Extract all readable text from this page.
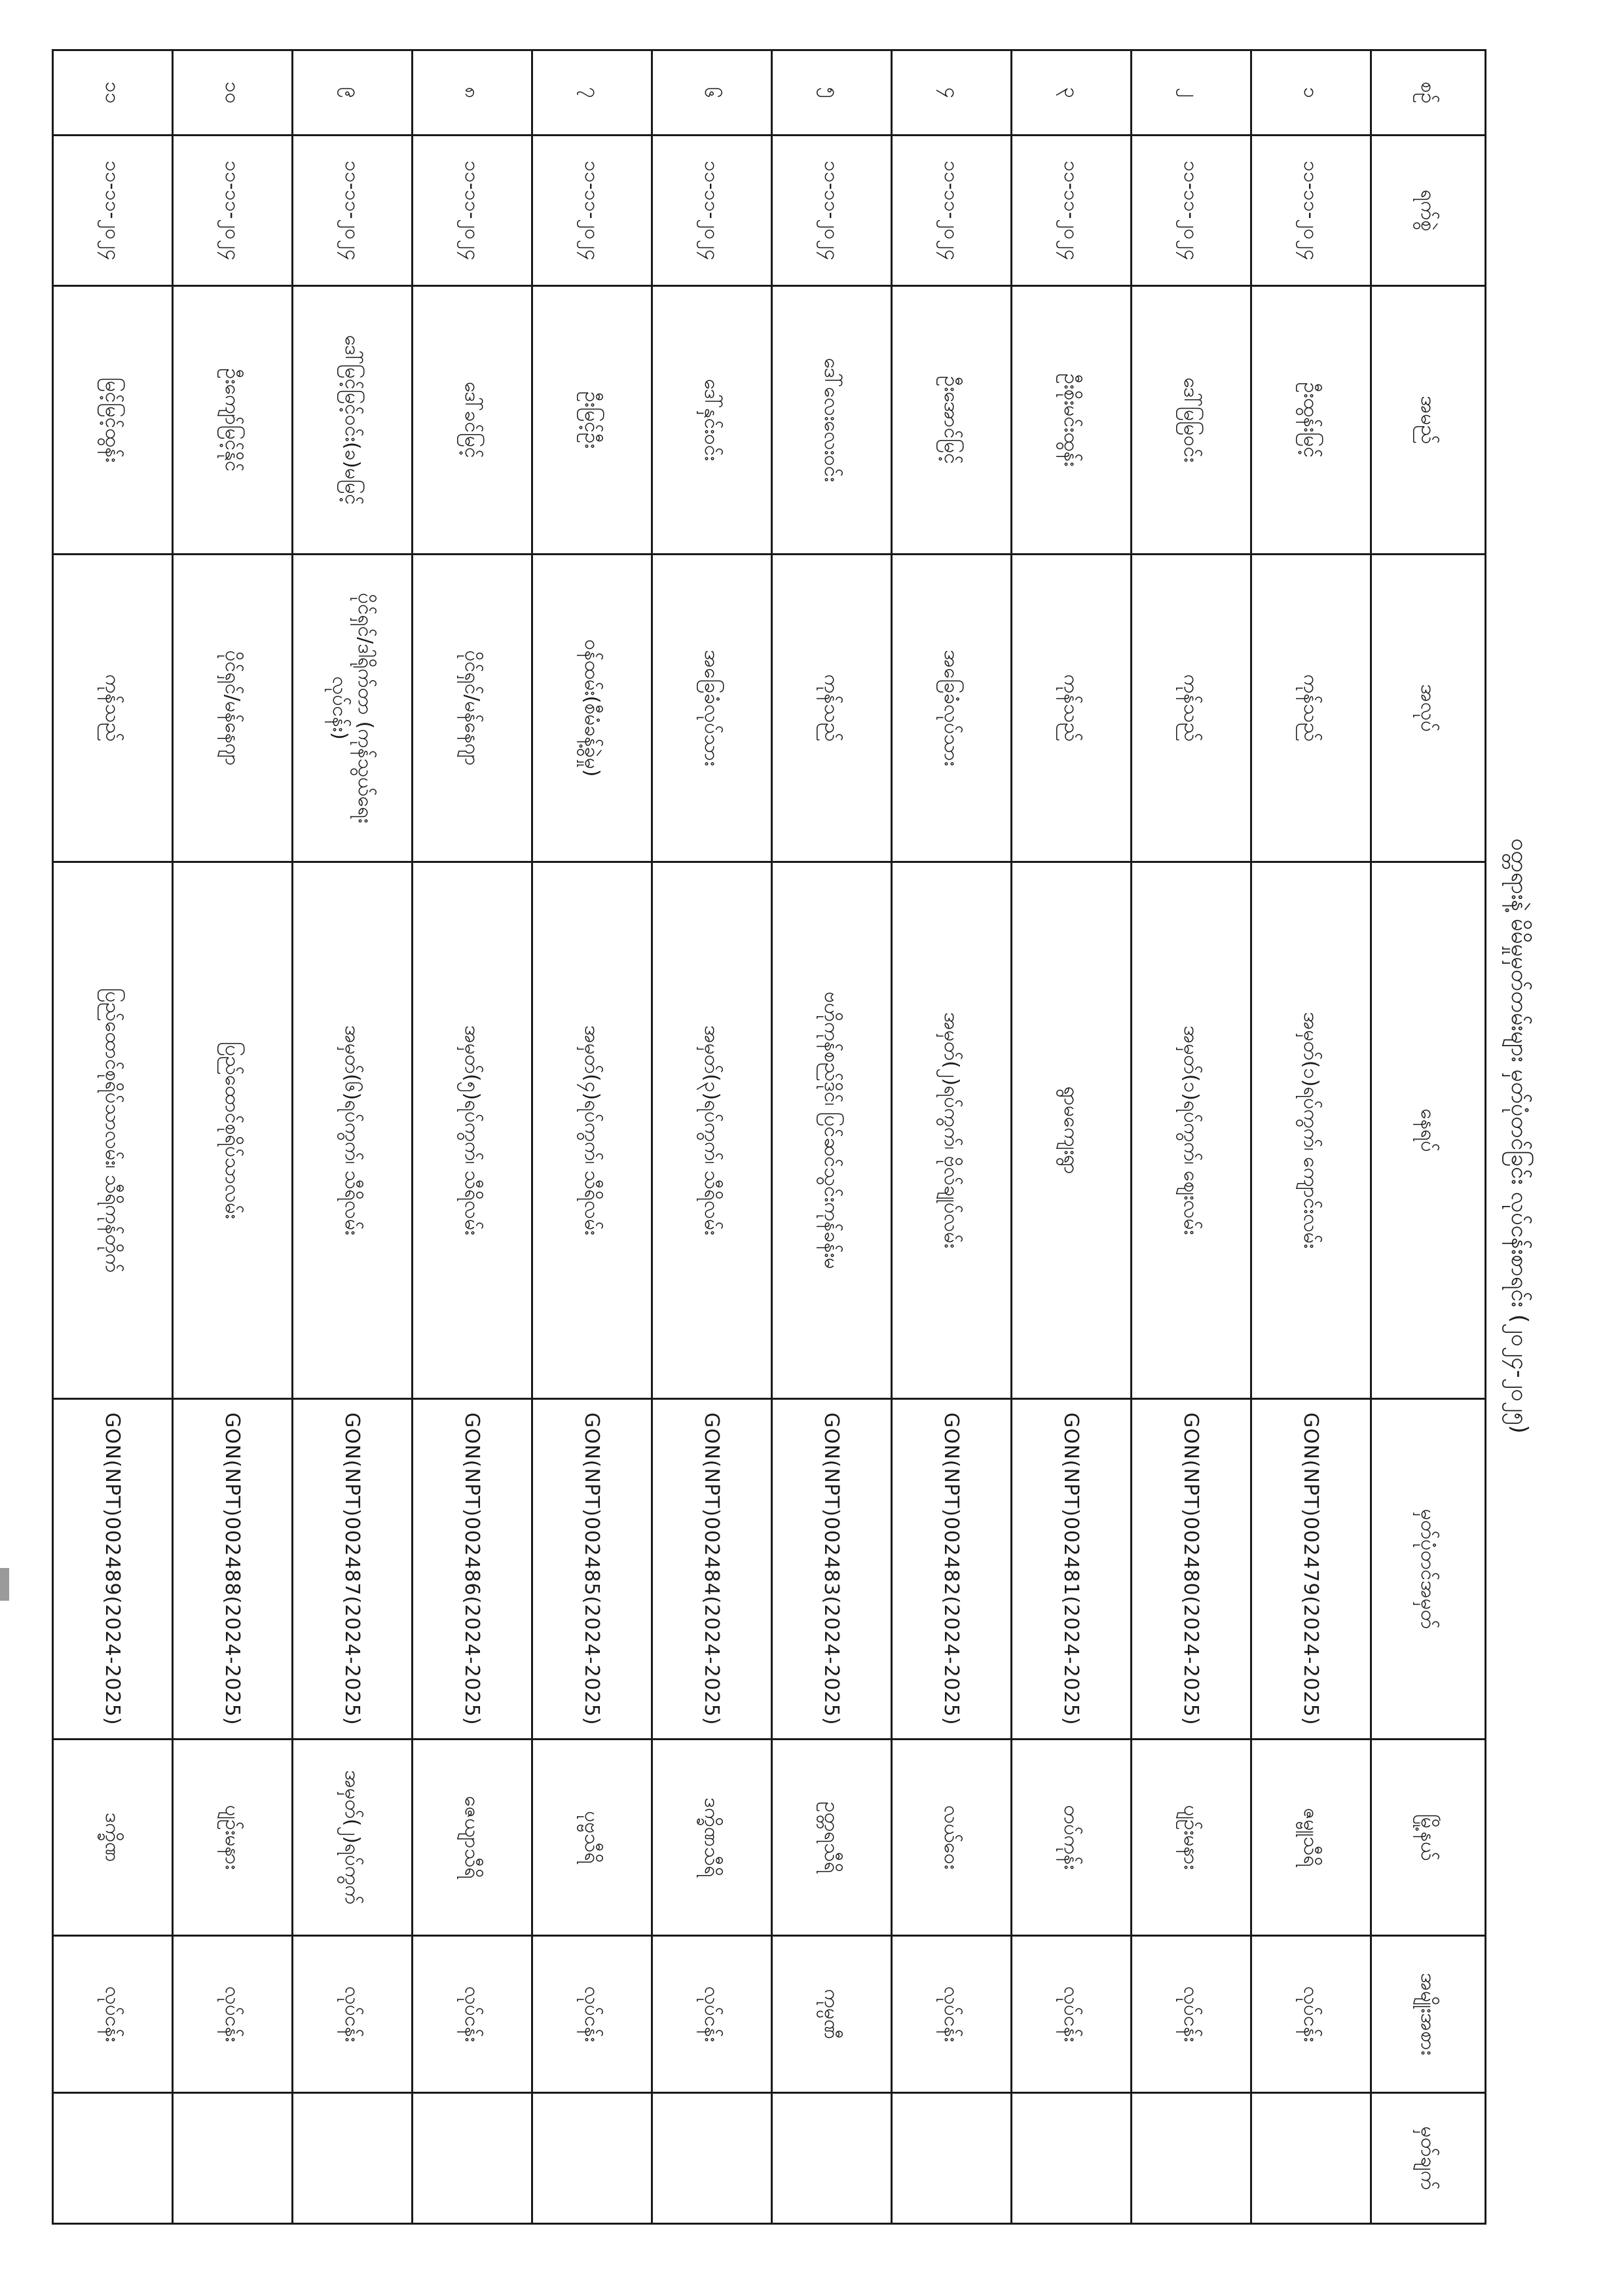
ဝတ္တရားနဲ့ မိမိမှုမှတ်တမ်းများ မှတ်ပုံတင်ခြင်း လုပ်ငန်းစာရင်း (၂၀၂၄-၂၀၂၅)
စဉ်	ရက်စွဲ	အမည်	အလုပ်	နေရပ်	မှတ်ပုံတင်အမှတ်	မြို့နယ်	အမျိုးအစား	မှတ်ချက်
၁	၁၁-၁၁-၂၀၂၄	ဦးထွန်းမြင့်	ကုန်သည်	အမှတ်(၁)ရပ်ကွက်၊ ကျောင်းလမ်း	GON(NPT)002479(2024-2025)	ဇမ္ဗူသီရိ	လုပ်ငန်း	
၂	၁၁-၁၁-၂၀၂၄	ဒေါ်မြမြဝင်း	ကုန်သည်	အမှတ်(၁)ရပ်ကွက်၊ ဈေးလမ်း	GON(NPT)002480(2024-2025)	ပျဉ်းမနား	လုပ်ငန်း	
၃	၁၁-၁၁-၂၀၂၄	ဦးစိုးမင်းထွန်း	ကုန်သည်	ရွာမကျေးရွာ	GON(NPT)002481(2024-2025)	တပ်ကုန်း	လုပ်ငန်း	
၄	၁၁-၁၁-၂၀၂၄	ဦးအောင်မြင့်	အခြေခံလုပ်သား	အမှတ်(၂)ရပ်ကွက်၊ ဗိုလ်ချုပ်လမ်း	GON(NPT)002482(2024-2025)	လယ်ဝေး	လုပ်ငန်း	
၅	၁၁-၁၁-၂၀၂၄	ဒေါ်လေးလေးဝင်း	ကုန်သည်	ဗဟိုကုန်စည်ဒိုင်၊ ပြင်ဆင်သွင်းကုန်ခန်းမ	GON(NPT)002483(2024-2025)	ဥတ္တရသီရိ	ကုမ္ပဏီ	
၆	၁၁-၁၁-၂၀၂၄	ဒေါ်နှင်းဝင်း	အခြေခံလုပ်သား	အမှတ်(၃)ရပ်ကွက်၊ သီရိလမ်း	GON(NPT)002484(2024-2025)	ဒက္ခိဏသီရိ	လုပ်ငန်း	
၇	၁၁-၁၁-၂၀၂၄	ဦးမြင့်ဦး	ဝန်ထမ်း(စီမံခန့်ခွဲမှု)	အမှတ်(၄)ရပ်ကွက်၊ သီရိလမ်း	GON(NPT)002485(2024-2025)	ပုဗ္ဗသီရိ	လုပ်ငန်း	
၈	၁၁-၁၁-၂၀၂၄	ဒေါ်ခင်မြင့်	ပိုင်ရှင်/မန်နေဂျာ	အမှတ်(၅)ရပ်ကွက်၊ သီရိလမ်း	GON(NPT)002486(2024-2025)	ဇေယျာသီရိ	လုပ်ငန်း	
၉	၁၁-၁၁-၂၀၂၄	ဒေါ်မြင့်မြင့်ဝင်း(ခ)မမြင့်	ပိုင်ရှင်/ဒါရိုက်တာ (ကုန်သွယ်ရေးလုပ်ငန်း)	အမှတ်(၆)ရပ်ကွက်၊ သီရိလမ်း	GON(NPT)002487(2024-2025)	အမှတ်(၂)ရပ်ကွက်	လုပ်ငန်း	
၁၀	၁၁-၁၁-၂၀၂၄	ဦးကျော်မြင့်နိုင်	ပိုင်ရှင်/မန်နေဂျာ	ပြည်ထောင်စုရိပ်သာလမ်း	GON(NPT)002488(2024-2025)	ပျဉ်းမနား	လုပ်ငန်း	
၁၁	၁၁-၁၁-၂၀၂၄	မြင့်မြင့်ထွန်း	ကုန်သည်	ပြည်ထောင်စုရိပ်သာလမ်း၊ သီရိကုန်တိုက်	GON(NPT)002489(2024-2025)	ဒက္ခိဏ	လုပ်ငန်း	
